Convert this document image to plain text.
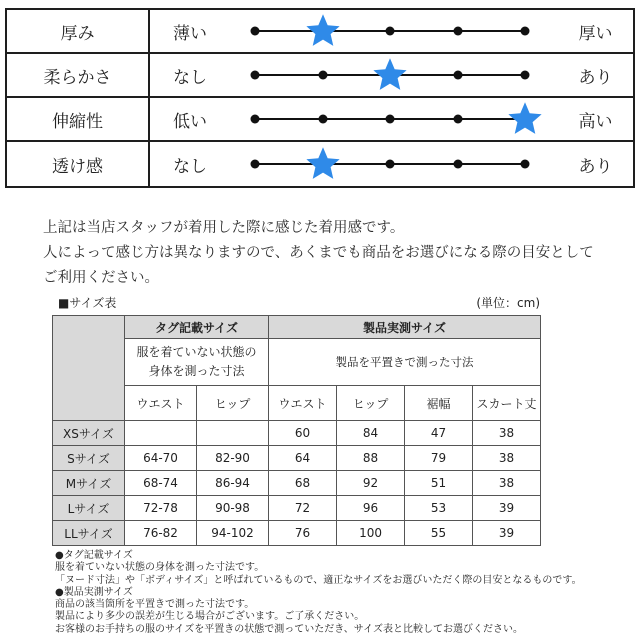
厚み	薄い	厚い
柔らかさ	なし	あり
伸縮性	低い	高い
透け感	なし	あり
上記は当店スタッフが着用した際に感じた着用感です。
人によって感じ方は異なりますので、あくまでも商品をお選びになる際の目安として
ご利用ください。
■サイズ表	(単位：cm)
	タグ記載サイズ		製品実測サイズ			

	服を着ていない状態の
身体を測った寸法		製品を平置きで測った寸法			
	ウエスト	ヒップ	ウエスト	ヒップ	裾幅	スカート丈
XSサイズ			60	84	47	38
Sサイズ	64-70	82-90	64	88	79	38
Mサイズ	68-74	86-94	68	92	51	38
Lサイズ	72-78	90-98	72	96	53	39
LLサイズ	76-82	94-102	76	100	55	39
●タグ記載サイズ
服を着ていない状態の身体を測った寸法です。
「ヌード寸法」や「ボディサイズ」と呼ばれているもので、適正なサイズをお選びいただく際の目安となるものです。
●製品実測サイズ
商品の該当箇所を平置きで測った寸法です。
製品により多少の誤差が生じる場合がございます。ご了承ください。
お客様のお手持ちの服のサイズを平置きの状態で測っていただき、サイズ表と比較してお選びください。
